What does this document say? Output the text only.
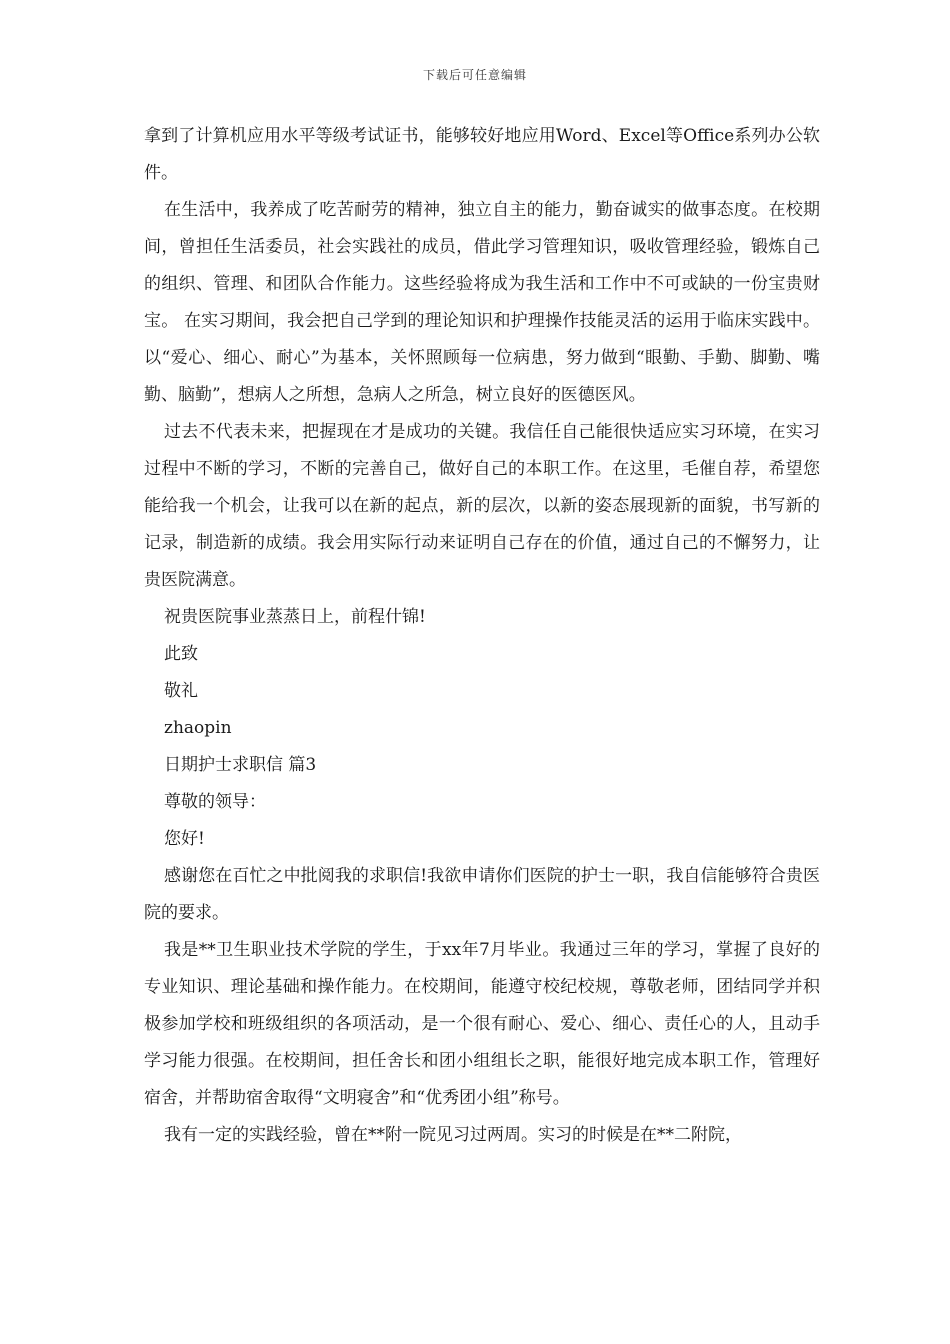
下载后可任意编辑

拿到了计算机应用水平等级考试证书，能够较好地应用Word、Excel等Office系列办公软件。

在生活中，我养成了吃苦耐劳的精神，独立自主的能力，勤奋诚实的做事态度。在校期间，曾担任生活委员，社会实践社的成员，借此学习管理知识，吸收管理经验，锻炼自己的组织、管理、和团队合作能力。这些经验将成为我生活和工作中不可或缺的一份宝贵财宝。 在实习期间，我会把自己学到的理论知识和护理操作技能灵活的运用于临床实践中。以“爱心、细心、耐心”为基本，关怀照顾每一位病患，努力做到“眼勤、手勤、脚勤、嘴勤、脑勤”，想病人之所想，急病人之所急，树立良好的医德医风。

过去不代表未来，把握现在才是成功的关键。我信任自己能很快适应实习环境，在实习过程中不断的学习，不断的完善自己，做好自己的本职工作。在这里，毛催自荐，希望您能给我一个机会，让我可以在新的起点，新的层次，以新的姿态展现新的面貌，书写新的记录，制造新的成绩。我会用实际行动来证明自己存在的价值，通过自己的不懈努力，让贵医院满意。

祝贵医院事业蒸蒸日上，前程什锦!

此致

敬礼

zhaopin

日期护士求职信 篇3

尊敬的领导：

您好!

感谢您在百忙之中批阅我的求职信!我欲申请你们医院的护士一职，我自信能够符合贵医院的要求。

我是**卫生职业技术学院的学生，于xx年7月毕业。我通过三年的学习，掌握了良好的专业知识、理论基础和操作能力。在校期间，能遵守校纪校规，尊敬老师，团结同学并积极参加学校和班级组织的各项活动，是一个很有耐心、爱心、细心、责任心的人，且动手学习能力很强。在校期间，担任舍长和团小组组长之职，能很好地完成本职工作，管理好宿舍，并帮助宿舍取得“文明寝舍”和“优秀团小组”称号。

我有一定的实践经验，曾在**附一院见习过两周。实习的时候是在**二附院，
